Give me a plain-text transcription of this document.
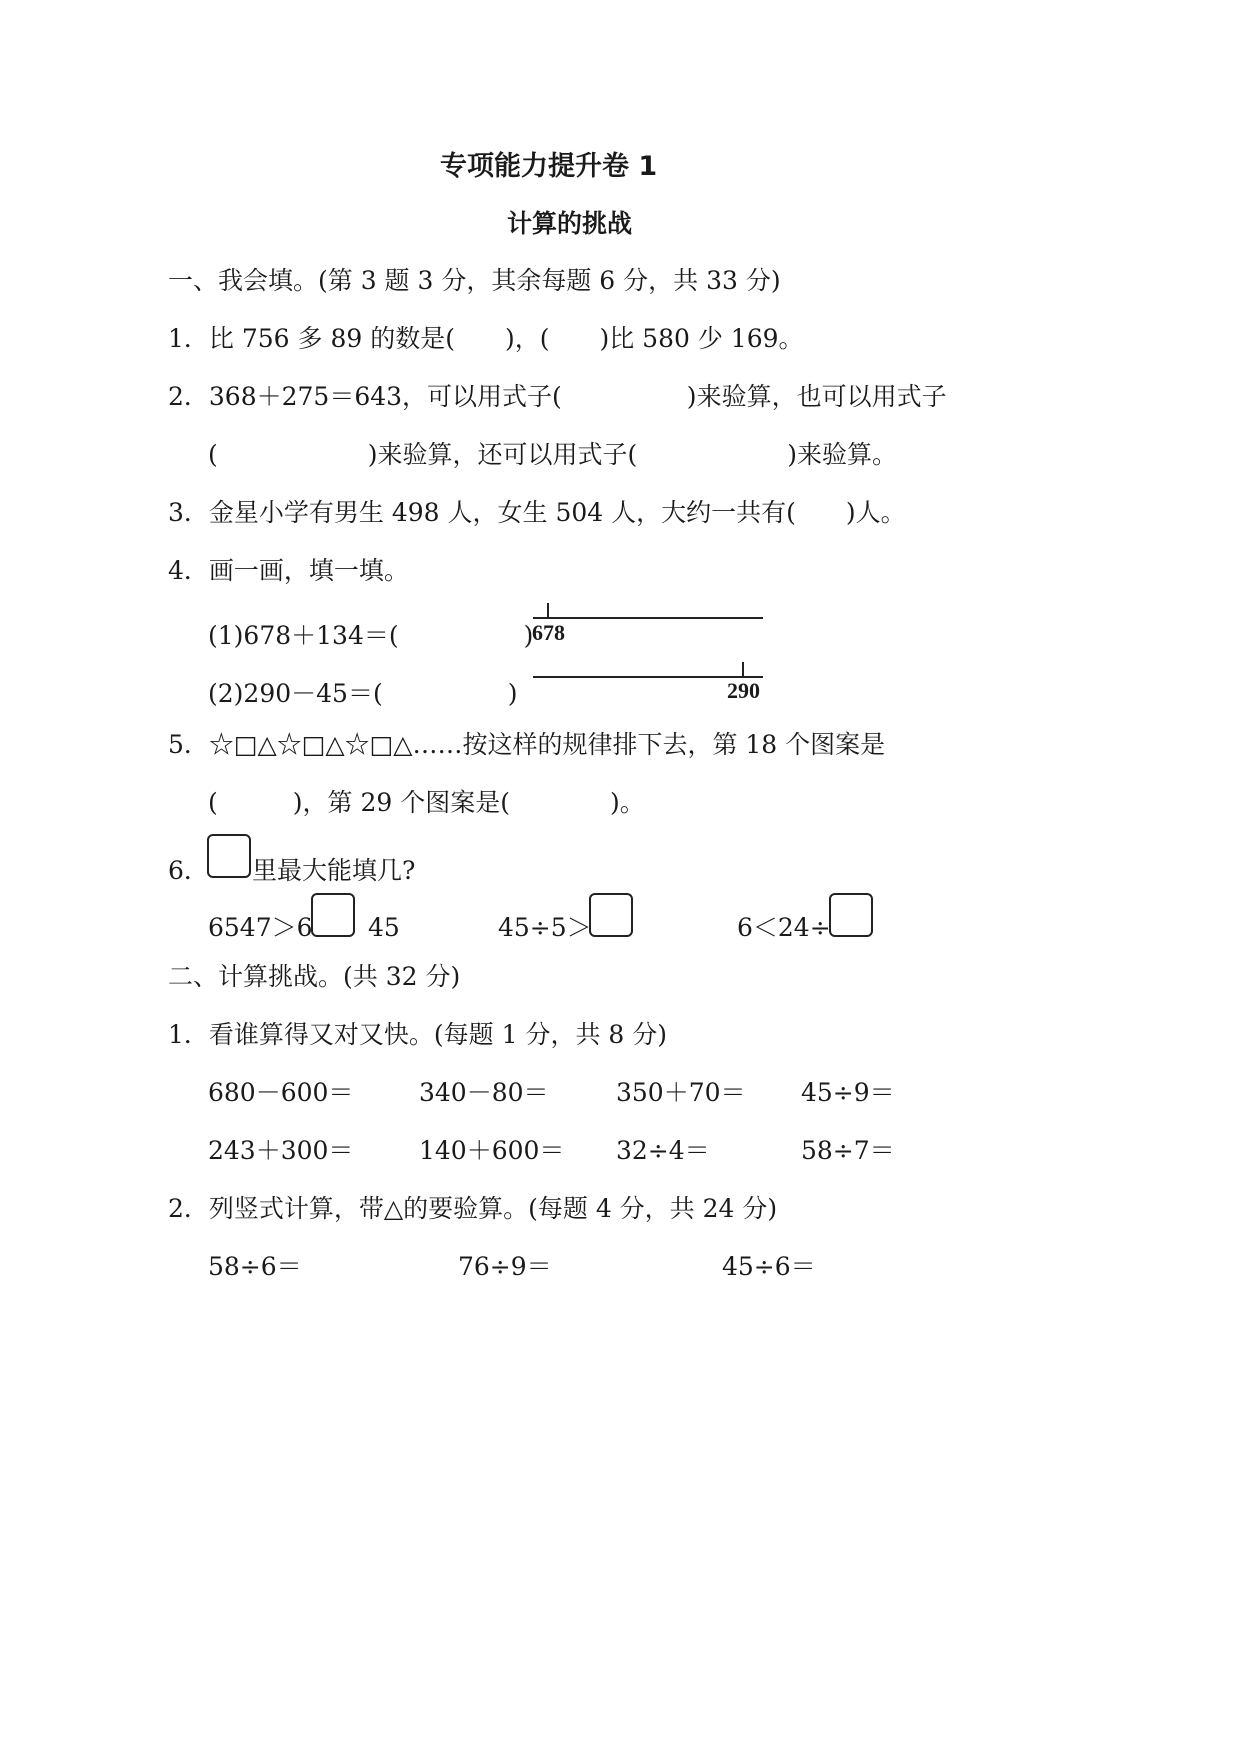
专项能力提升卷 1
计算的挑战
一、我会填。(第 3 题 3 分，其余每题 6 分，共 33 分)
1．比 756 多 89 的数是(　　)，(　　)比 580 少 169。
2．368＋275＝643，可以用式子(　　　　　)来验算，也可以用式子
(　　　　　　)来验算，还可以用式子(　　　　　　)来验算。
3．金星小学有男生 498 人，女生 504 人，大约一共有(　　)人。
4．画一画，填一填。
(1)678＋134＝(　　　　　)
678
(2)290－45＝(　　　　　)	290
5．☆□△☆□△☆□△……按这样的规律排下去，第 18 个图案是
(　　　)，第 29 个图案是(　　　　)。
6． 里最大能填几?
6547＞6 45	45÷5＞	6＜24÷
二、计算挑战。(共 32 分)
1．看谁算得又对又快。(每题 1 分，共 8 分)
680－600＝	340－80＝	350＋70＝ 45÷9＝
243＋300＝	140＋600＝ 32÷4＝	58÷7＝
2．列竖式计算，带△的要验算。(每题 4 分，共 24 分)
58÷6＝	76÷9＝	45÷6＝
